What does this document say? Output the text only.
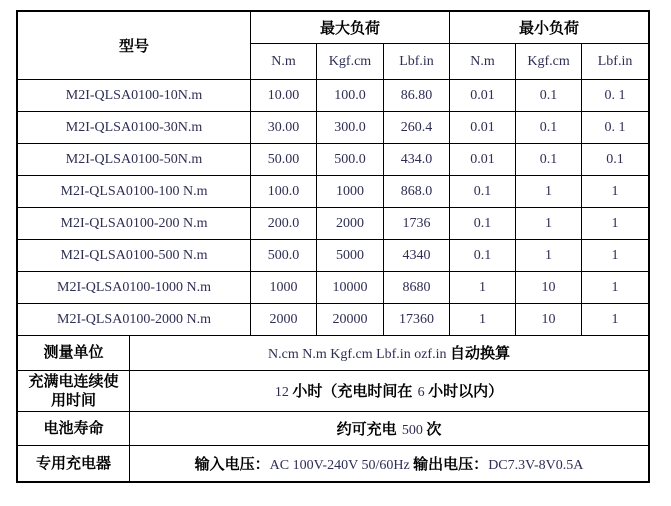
型号	最大负荷			最小负荷		
	N.m	Kgf.cm	Lbf.in	N.m	Kgf.cm	Lbf.in
M2I-QLSA0100-10N.m	10.00	100.0	86.80	0.01	0.1	0. 1
M2I-QLSA0100-30N.m	30.00	300.0	260.4	0.01	0.1	0. 1
M2I-QLSA0100-50N.m	50.00	500.0	434.0	0.01	0.1	0.1
M2I-QLSA0100-100 N.m	100.0	1000	868.0	0.1	1	1
M2I-QLSA0100-200 N.m	200.0	2000	1736	0.1	1	1
M2I-QLSA0100-500 N.m	500.0	5000	4340	0.1	1	1
M2I-QLSA0100-1000 N.m	1000	10000	8680	1	10	1
M2I-QLSA0100-2000 N.m	2000	20000	17360	1	10	1
测量单位	N.cm N.m Kgf.cm Lbf.in ozf.in 自动换算
充满电连续使用时间	12 小时（充电时间在 6 小时以内）
电池寿命	约可充电 500 次
专用充电器	输入电压：AC 100V-240V 50/60Hz 输出电压：DC7.3V-8V0.5A
